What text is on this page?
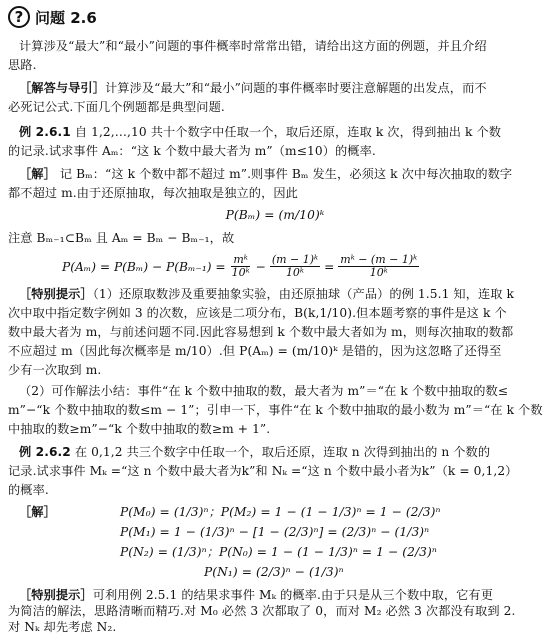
? 问题 2.6
计算涉及“最大”和“最小”问题的事件概率时常常出错，请给出这方面的例题，并且介绍
思路.
［解答与导引］计算涉及“最大”和“最小”问题的事件概率时要注意解题的出发点，而不
必死记公式.下面几个例题都是典型问题.
例 2.6.1 自 1,2,…,10 共十个数字中任取一个，取后还原，连取 k 次，得到抽出 k 个数
的记录.试求事件 Aₘ：“这 k 个数中最大者为 m”（m≤10）的概率.
［解］ 记 Bₘ：“这 k 个数中都不超过 m”.则事件 Bₘ 发生，必须这 k 次中每次抽取的数字
都不超过 m.由于还原抽取，每次抽取是独立的，因此
P(Bₘ) = (m/10)ᵏ
注意 Bₘ₋₁⊂Bₘ 且 Aₘ = Bₘ − Bₘ₋₁，故
$P(A_m) = P(B_m) - P(B_{m-1}) = \frac{\text{mᵏ}}{\text{10ᵏ}} - \frac{\text{(m − 1)ᵏ}}{\text{10ᵏ}} = \frac{\text{mᵏ − (m − 1)ᵏ}}{\text{10ᵏ}}$
［特别提示］（1）还原取数涉及重要抽象实验，由还原抽球（产品）的例 1.5.1 知，连取 k
次中取中指定数字例如 3 的次数，应该是二项分布，B(k,1/10).但本题考察的事件是这 k 个
数中最大者为 m，与前述问题不同.因此容易想到 k 个数中最大者如为 m，则每次抽取的数都
不应超过 m（因此每次概率是 m/10）.但 P(Aₘ) = (m/10)ᵏ 是错的，因为这忽略了还得至
少有一次取到 m.
（2）可作解法小结：事件“在 k 个数中抽取的数，最大者为 m”＝“在 k 个数中抽取的数≤
m”−“k 个数中抽取的数≤m − 1”；引申一下，事件“在 k 个数中抽取的最小数为 m”＝“在 k 个数
中抽取的数≥m”−“k 个数中抽取的数≥m + 1”.
例 2.6.2 在 0,1,2 共三个数字中任取一个，取后还原，连取 n 次得到抽出的 n 个数的
记录.试求事件 Mₖ =“这 n 个数中最大者为k”和 Nₖ =“这 n 个数中最小者为k”（k = 0,1,2）
的概率.
［解］	P(M₀) = (1/3)ⁿ；P(M₂) = 1 − (1 − 1/3)ⁿ = 1 − (2/3)ⁿ
P(M₁) = 1 − (1/3)ⁿ − [1 − (2/3)ⁿ] = (2/3)ⁿ − (1/3)ⁿ
P(N₂) = (1/3)ⁿ；P(N₀) = 1 − (1 − 1/3)ⁿ = 1 − (2/3)ⁿ
P(N₁) = (2/3)ⁿ − (1/3)ⁿ
［特别提示］可利用例 2.5.1 的结果求事件 Mₖ 的概率.由于只是从三个数中取，它有更
为简洁的解法，思路清晰而精巧.对 M₀ 必然 3 次都取了 0，而对 M₂ 必然 3 次都没有取到 2.
对 Nₖ 却先考虑 N₂.
